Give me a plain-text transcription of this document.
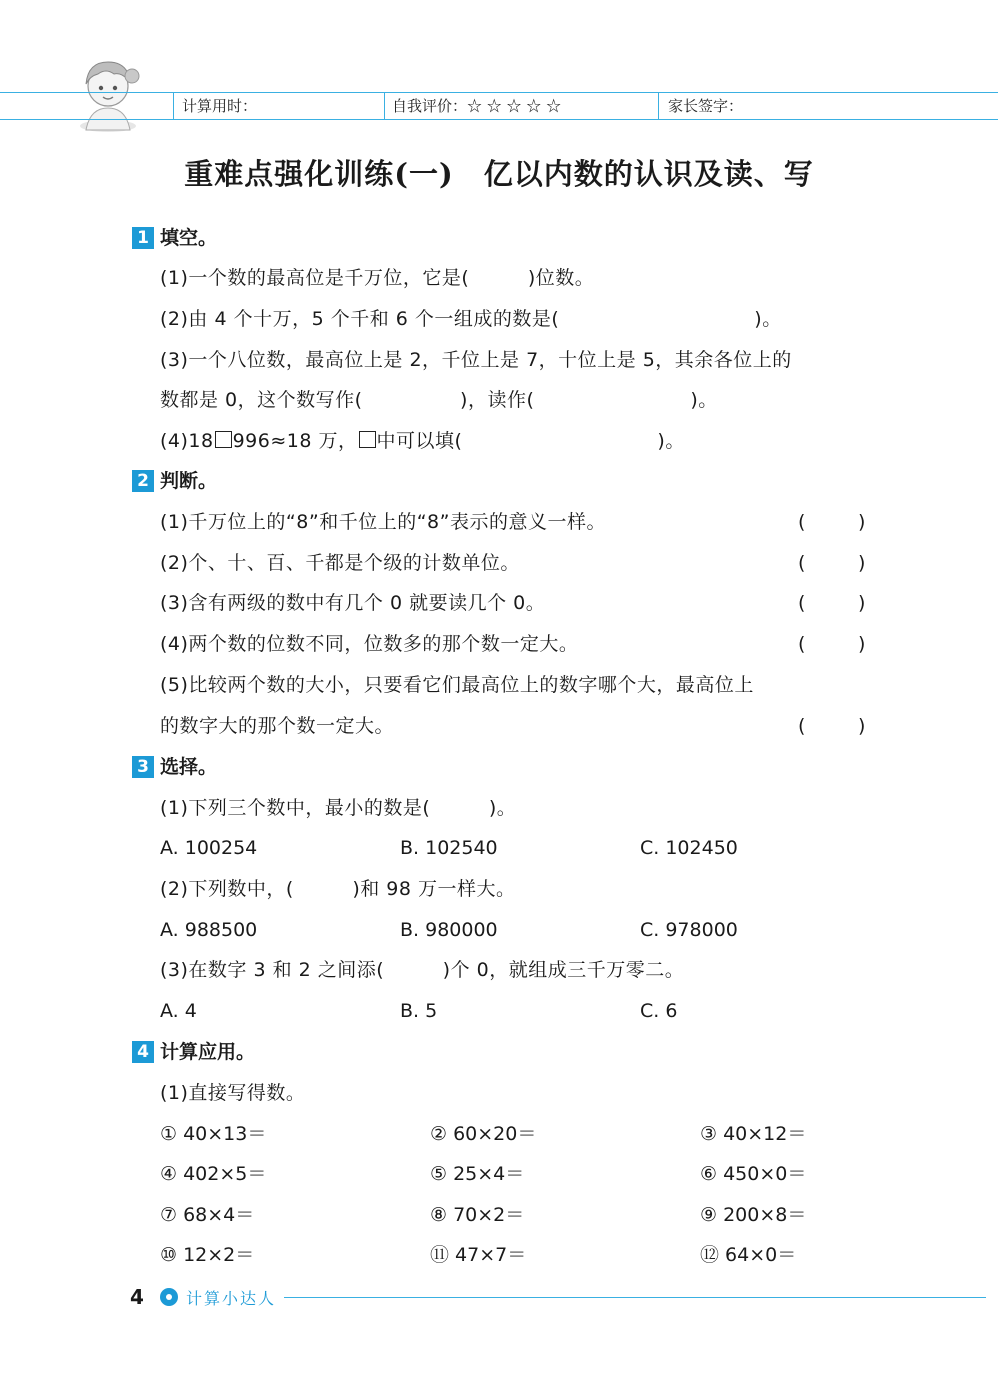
计算用时：	自我评价：☆ ☆ ☆ ☆ ☆	家长签字：
重难点强化训练(一)　亿以内数的认识及读、写
1 填空。
(1)一个数的最高位是千万位，它是(　　　)位数。
(2)由 4 个十万，5 个千和 6 个一组成的数是(　　　　　　　　　　)。
(3)一个八位数，最高位上是 2，千位上是 7，十位上是 5，其余各位上的
数都是 0，这个数写作(　　　　　)，读作(　　　　　　　　)。
(4)18 996≈18 万， 中可以填(　　　　　　　　　　)。
2 判断。
(1)千万位上的“8”和千位上的“8”表示的意义一样。	(	)
(2)个、十、百、千都是个级的计数单位。	(	)
(3)含有两级的数中有几个 0 就要读几个 0。	(	)
(4)两个数的位数不同，位数多的那个数一定大。	(	)
(5)比较两个数的大小，只要看它们最高位上的数字哪个大，最高位上
的数字大的那个数一定大。	(	)
3 选择。
(1)下列三个数中，最小的数是(　　　)。
A. 100254	B. 102540	C. 102450
(2)下列数中，(　　　)和 98 万一样大。
A. 988500	B. 980000	C. 978000
(3)在数字 3 和 2 之间添(　　　)个 0，就组成三千万零二。
A. 4	B. 5	C. 6
4 计算应用。
(1)直接写得数。
① 40×13＝	② 60×20＝	③ 40×12＝
④ 402×5＝	⑤ 25×4＝	⑥ 450×0＝
⑦ 68×4＝	⑧ 70×2＝	⑨ 200×8＝
⑩ 12×2＝	⑪ 47×7＝	⑫ 64×0＝
4	计算小达人
